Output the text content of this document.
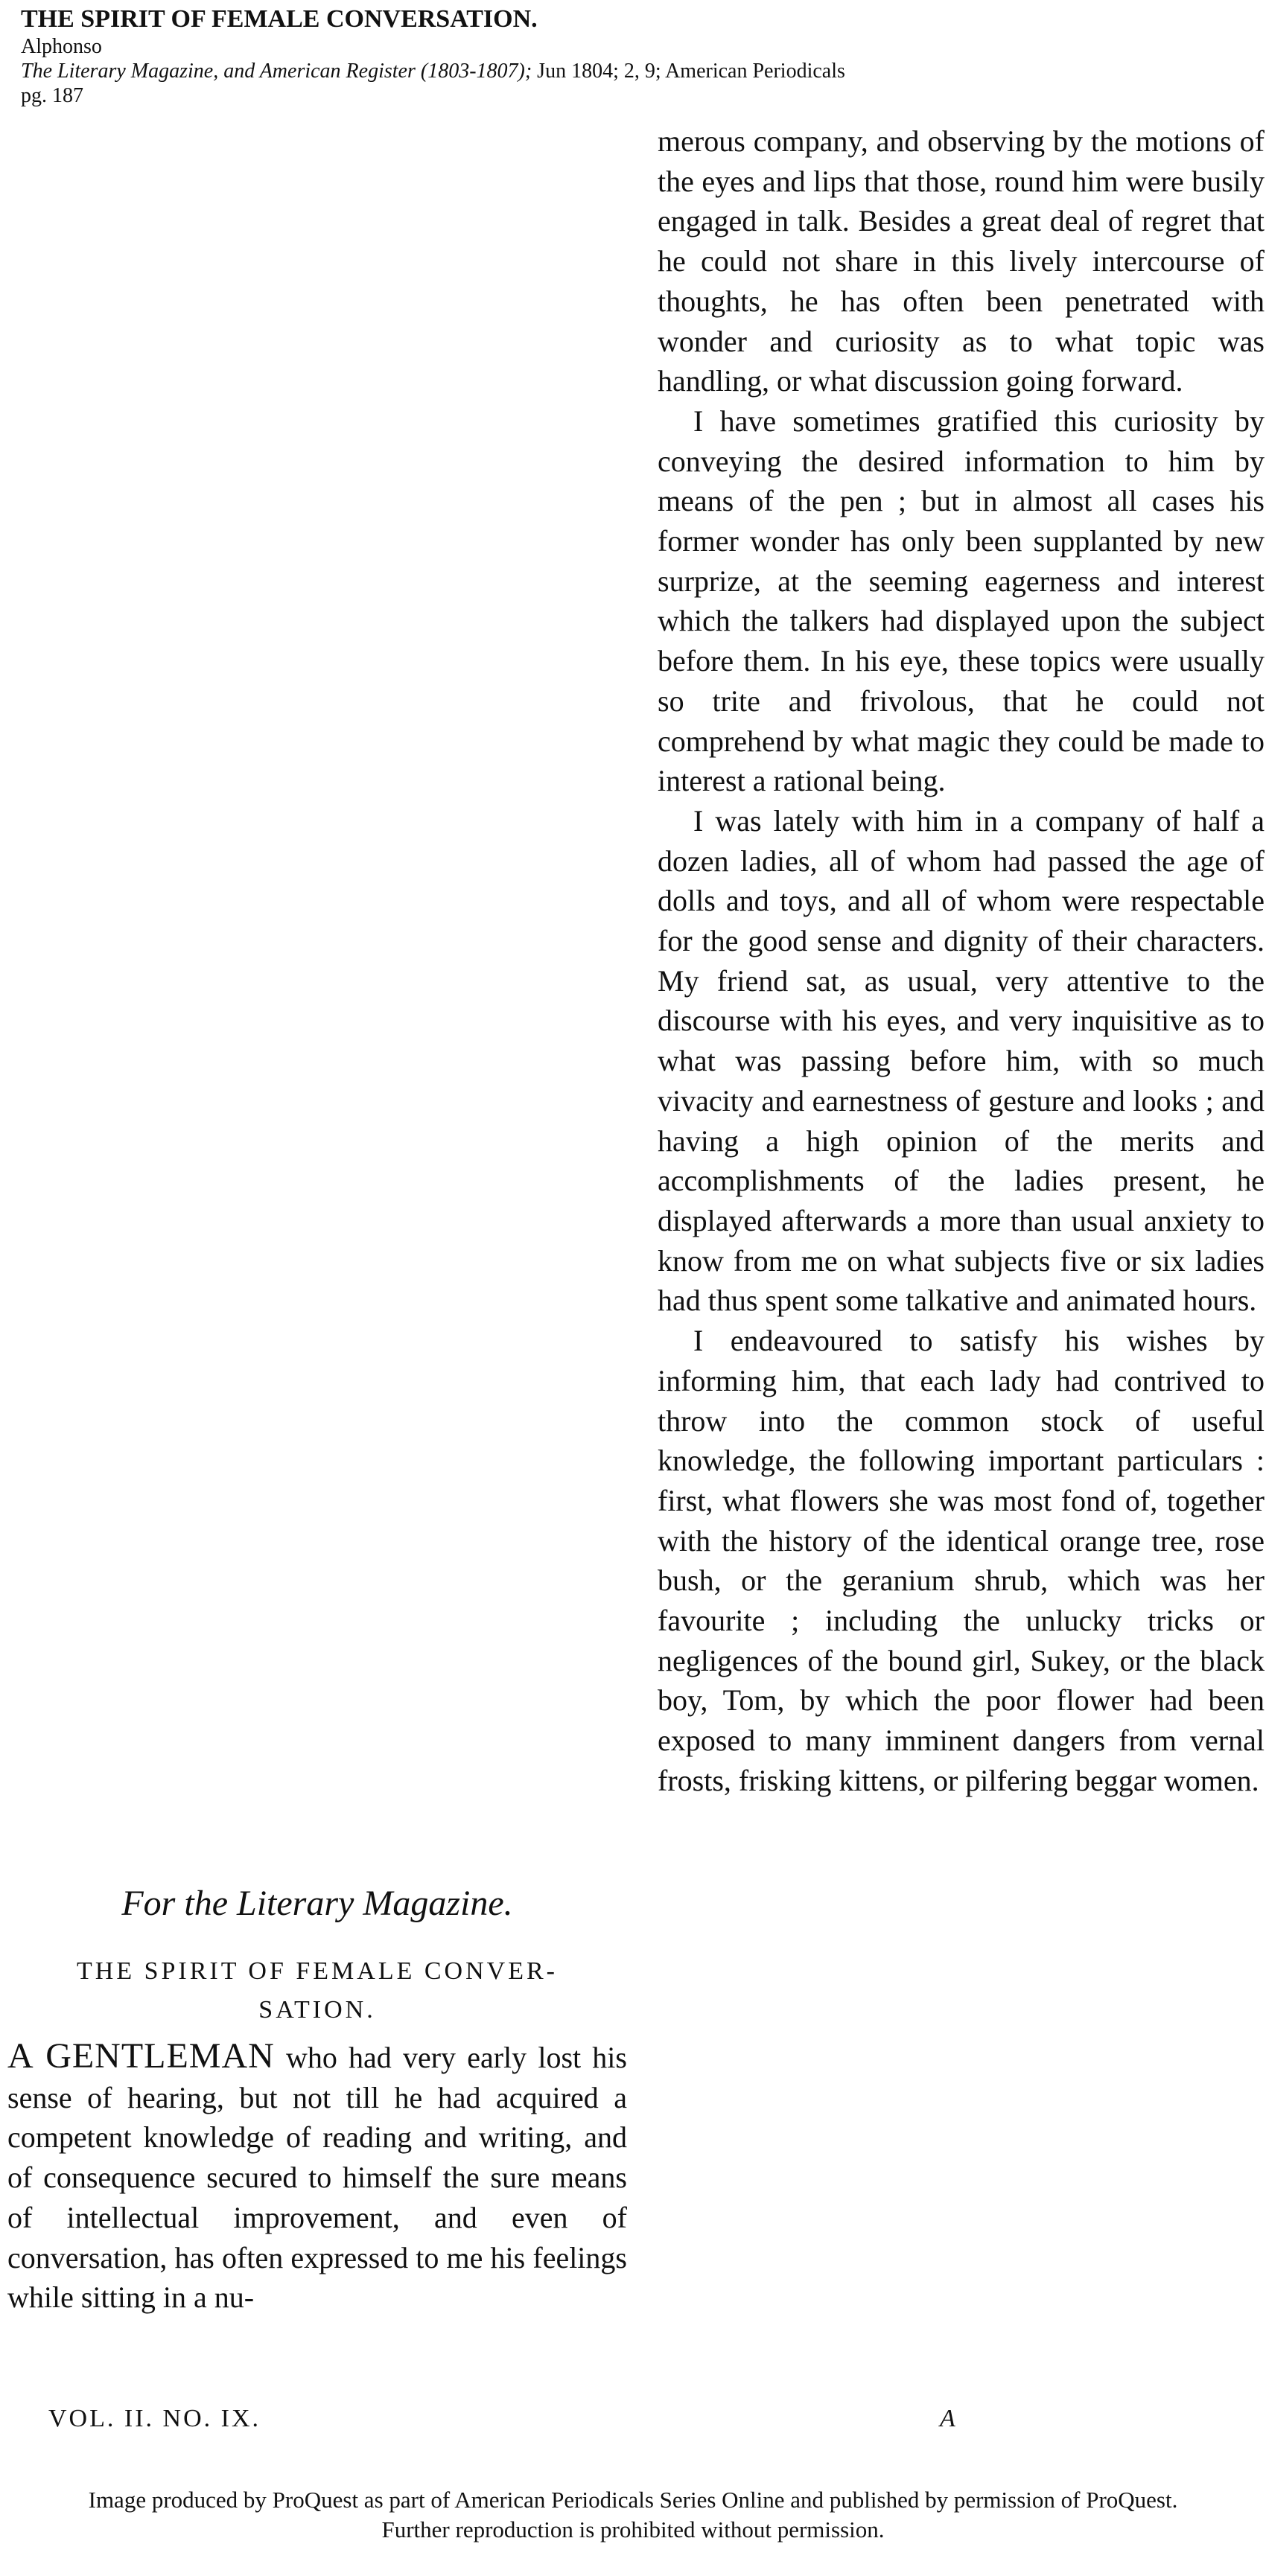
THE SPIRIT OF FEMALE CONVERSATION.
Alphonso
The Literary Magazine, and American Register (1803-1807); Jun 1804; 2, 9; American Periodicals
pg. 187

merous company, and observing by the motions of the eyes and lips that those, round him were busily engaged in talk. Besides a great deal of regret that he could not share in this lively intercourse of thoughts, he has often been penetrated with wonder and curiosity as to what topic was handling, or what discussion going forward.

I have sometimes gratified this curiosity by conveying the desired information to him by means of the pen ; but in almost all cases his former wonder has only been supplanted by new surprize, at the seeming eagerness and interest which the talkers had displayed upon the subject before them. In his eye, these topics were usually so trite and frivolous, that he could not comprehend by what magic they could be made to interest a rational being.

I was lately with him in a company of half a dozen ladies, all of whom had passed the age of dolls and toys, and all of whom were respectable for the good sense and dignity of their characters. My friend sat, as usual, very attentive to the discourse with his eyes, and very inquisitive as to what was passing before him, with so much vivacity and earnestness of gesture and looks ; and having a high opinion of the merits and accomplishments of the ladies present, he displayed afterwards a more than usual anxiety to know from me on what subjects five or six ladies had thus spent some talkative and animated hours.

I endeavoured to satisfy his wishes by informing him, that each lady had contrived to throw into the common stock of useful knowledge, the following important particulars : first, what flowers she was most fond of, together with the history of the identical orange tree, rose bush, or the geranium shrub, which was her favourite ; including the unlucky tricks or negligences of the bound girl, Sukey, or the black boy, Tom, by which the poor flower had been exposed to many imminent dangers from vernal frosts, frisking kittens, or pilfering beggar women.

For the Literary Magazine.
THE SPIRIT OF FEMALE CONVER-
SATION.

A GENTLEMAN who had very early lost his sense of hearing, but not till he had acquired a competent knowledge of reading and writing, and of consequence secured to himself the sure means of intellectual improvement, and even of conversation, has often expressed to me his feelings while sitting in a nu-

VOL. II. NO. IX.	A
Image produced by ProQuest as part of American Periodicals Series Online and published by permission of ProQuest.
Further reproduction is prohibited without permission.
